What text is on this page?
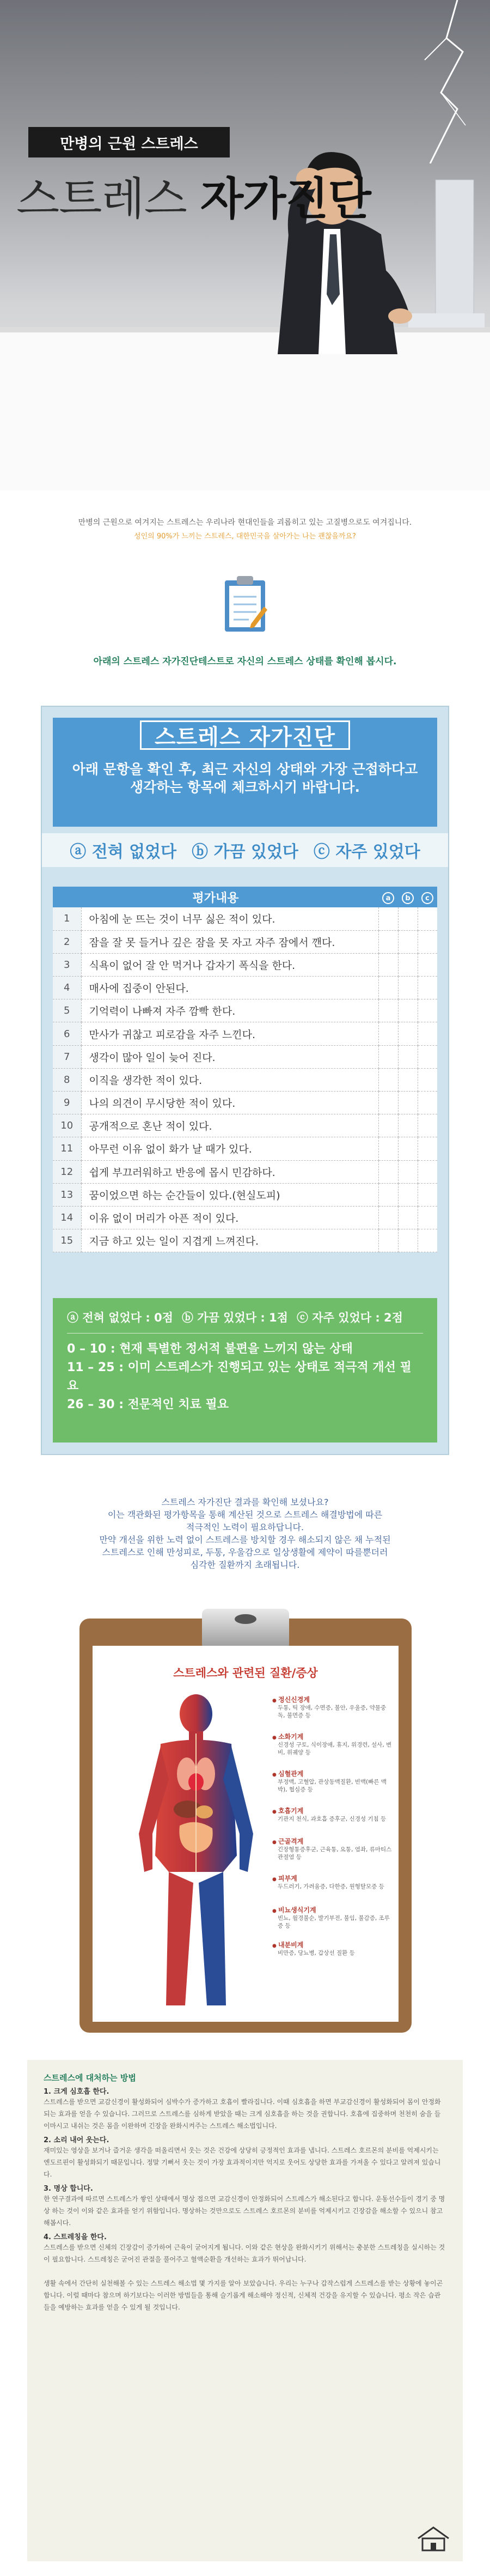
만병의 근원 스트레스
스트레스 자가진단

만병의 근원으로 여겨지는 스트레스는 우리나라 현대인들을 괴롭히고 있는 고질병으로도 여겨집니다.

성인의 90%가 느끼는 스트레스, 대한민국을 살아가는 나는 괜찮을까요?

아래의 스트레스 자가진단테스트로 자신의 스트레스 상태를 확인해 봅시다.
스트레스 자가진단
아래 문항을 확인 후, 최근 자신의 상태와 가장 근접하다고
생각하는 항목에 체크하시기 바랍니다.
ⓐ 전혀 없었다 ⓑ 가끔 있었다 ⓒ 자주 있었다
평가내용		a	b	c
1	아침에 눈 뜨는 것이 너무 싫은 적이 있다.			
2	잠을 잘 못 들거나 깊은 잠을 못 자고 자주 잠에서 깬다.			
3	식욕이 없어 잘 안 먹거나 갑자기 폭식을 한다.			
4	매사에 집중이 안된다.			
5	기억력이 나빠져 자주 깜빡 한다.			
6	만사가 귀찮고 피로감을 자주 느낀다.			
7	생각이 많아 일이 늦어 진다.			
8	이직을 생각한 적이 있다.			
9	나의 의견이 무시당한 적이 있다.			
10	공개적으로 혼난 적이 있다.			
11	아무런 이유 없이 화가 날 때가 있다.			
12	쉽게 부끄러워하고 반응에 몹시 민감하다.			
13	꿈이었으면 하는 순간들이 있다.(현실도피)			
14	이유 없이 머리가 아픈 적이 있다.			
15	지금 하고 있는 일이 지겹게 느껴진다.			
ⓐ 전혀 없었다 : 0점 ⓑ 가끔 있었다 : 1점 ⓒ 자주 있었다 : 2점
0 – 10 : 현재 특별한 정서적 불편을 느끼지 않는 상태
11 – 25 : 이미 스트레스가 진행되고 있는 상태로 적극적 개선 필요
26 – 30 : 전문적인 치료 필요

스트레스 자가진단 결과를 확인해 보셨나요?

이는 객관화된 평가항목을 통해 계산된 것으로 스트레스 해결방법에 따른

적극적인 노력이 필요하답니다.

만약 개선을 위한 노력 없이 스트레스를 방치할 경우 해소되지 않은 채 누적된

스트레스로 인해 만성피로, 두통, 우울감으로 일상생활에 제약이 따를뿐더러

심각한 질환까지 초래됩니다.

스트레스와 관련된 질환/증상
● 정신신경계
두통, 틱 장애, 수면증, 불안, 우울증, 약물중독, 불면증 등
● 소화기계
신경성 구토, 식이장애, 휴지, 위경련, 설사, 변비, 위궤양 등
● 심혈관계
부정맥, 고혈압, 관상동맥질환, 빈맥(빠른 맥박), 협심증 등
● 호흡기계
기관지 천식, 과호흡 증후군, 신경성 기침 등
● 근골격계
긴장형통증후군, 근육통, 요통, 염좌, 류마티스 관절염 등
● 피부계
두드러기, 가려움증, 다한증, 원형탈모증 등
● 비뇨생식기계
빈뇨, 월경불순, 발기부전, 불임, 불감증, 조루증 등
● 내분비계
비만증, 당뇨병, 갑상선 질환 등
스트레스에 대처하는 방법
1. 크게 심호흡 한다.

스트레스를 받으면 교감신경이 활성화되어 심박수가 증가하고 호흡이 빨라집니다. 이때 심호흡을 하면 부교감신경이 활성화되어 몸이 안정화되는 효과를 얻을 수 있습니다. 그러므로 스트레스를 심하게 받았을 때는 크게 심호흡을 하는 것을 권합니다. 호흡에 집중하며 천천히 숨을 들이마시고 내쉬는 것은 몸을 이완하며 긴장을 완화시켜주는 스트레스 해소법입니다.

2. 소리 내어 웃는다.

재미있는 영상을 보거나 즐거운 생각을 떠올리면서 웃는 것은 건강에 상당히 긍정적인 효과를 냅니다. 스트레스 호르몬의 분비를 억제시키는 엔도르핀이 활성화되기 때문입니다. 정말 기뻐서 웃는 것이 가장 효과적이지만 억지로 웃어도 상당한 효과를 가져올 수 있다고 알려져 있습니다.

3. 명상 합니다.

한 연구결과에 따르면 스트레스가 쌓인 상태에서 명상 접으면 교감신경이 안정화되어 스트레스가 해소된다고 합니다. 운동선수들이 경기 중 명상 하는 것이 이와 같은 효과를 얻기 위함입니다. 명상하는 것만으로도 스트레스 호르몬의 분비를 억제시키고 긴장감을 해소할 수 있으니 참고해봅시다.

4. 스트레칭을 한다.

스트레스를 받으면 신체의 긴장감이 증가하여 근육이 굳어지게 됩니다. 이와 같은 현상을 완화시키기 위해서는 충분한 스트레칭을 실시하는 것이 필요합니다. 스트레칭은 굳어진 관절을 풀어주고 혈액순환을 개선하는 효과가 뛰어납니다.

생활 속에서 간단히 실천해볼 수 있는 스트레스 해소법 몇 가지를 알아 보았습니다. 우리는 누구나 갑작스럽게 스트레스를 받는 상황에 놓이곤 합니다. 이럴 때마다 참으며 하기보다는 이러한 방법들을 통해 슬기롭게 해소해야 정신적, 신체적 건강을 유지할 수 있습니다. 평소 작은 습관들을 예방하는 효과를 얻을 수 있게 될 것입니다.
